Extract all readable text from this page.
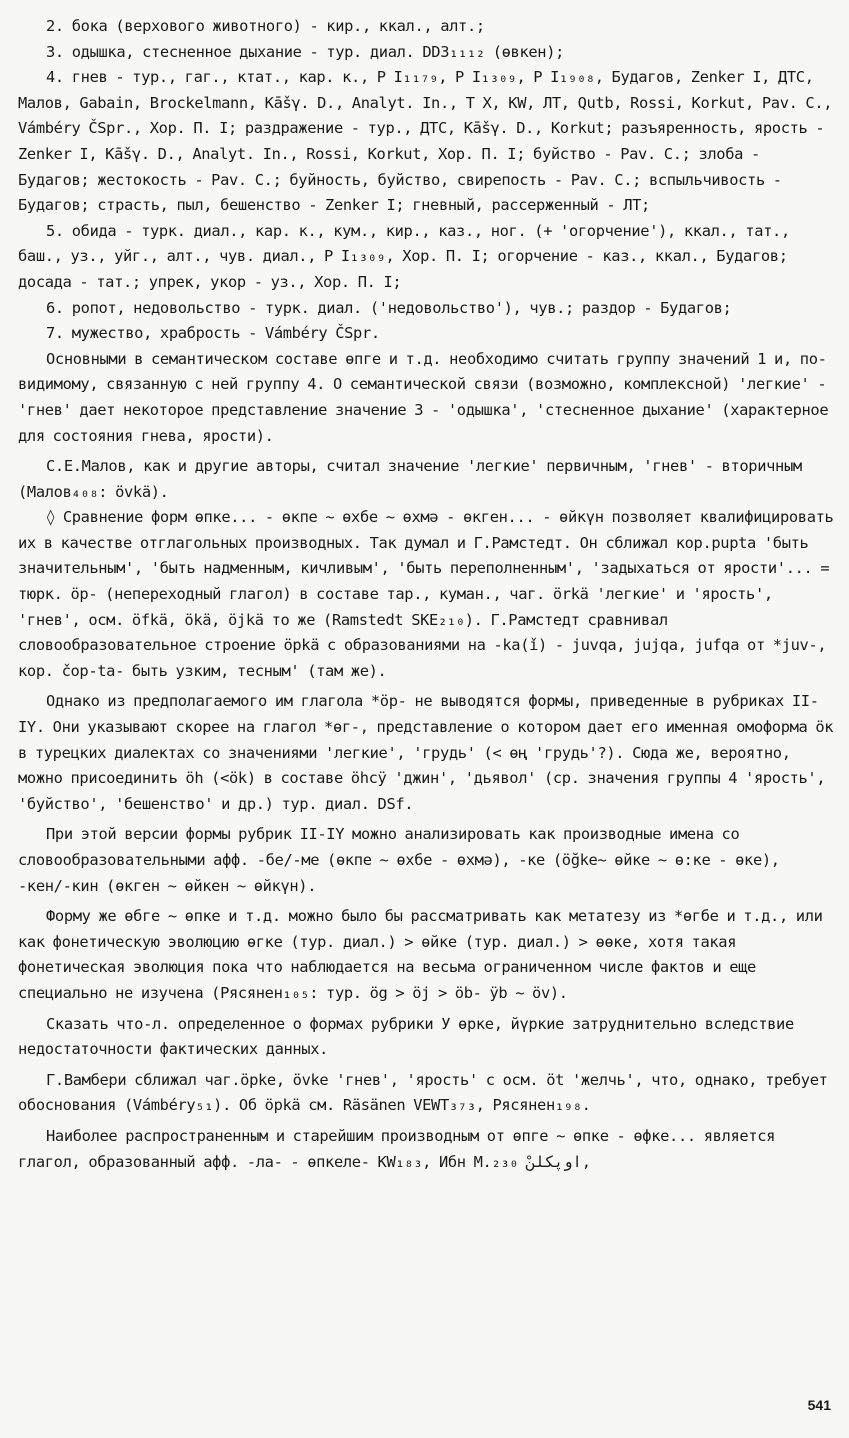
2. бока (верхового животного) - кир., ккал., алт.;

3. одышка, стесненное дыхание - тур. диал. DD3₁₁₁₂ (өвкен);

4. гнев - тур., гаг., ктат., кар. к., Р I₁₁₇₉, Р I₁₃₀₉, Р I₁₉₀₈, Будагов, Zenker I, ДТС, Малов, Gabain, Brockelmann, Kāšγ. D., Analyt. In., Т Х, KW, ЛТ, Qutb, Rossi, Korkut, Pav. C., Vámbéry ČSpr., Хор. П. I; раздражение - тур., ДТС, Kāšγ. D., Korkut; разъяренность, ярость - Zenker I, Kāšγ. D., Analyt. In., Rossi, Korkut, Хор. П. I; буйство - Pav. C.; злоба - Будагов; жестокость - Pav. C.; буйность, буйство, свирепость - Pav. C.; вспыльчивость - Будагов; страсть, пыл, бешенство - Zenker I; гневный, рассерженный - ЛТ;

5. обида - турк. диал., кар. к., кум., кир., каз., ног. (+ 'огорчение'), ккал., тат., баш., уз., уйг., алт., чув. диал., Р I₁₃₀₉, Хор. П. I; огорчение - каз., ккал., Будагов; досада - тат.; упрек, укор - уз., Хор. П. I;

6. ропот, недовольство - турк. диал. ('недовольство'), чув.; раздор - Будагов;

7. мужество, храбрость - Vámbéry ČSpr.

Основными в семантическом составе өпге и т.д. необходимо считать группу значений 1 и, по-видимому, связанную с ней группу 4. О семантической связи (возможно, комплексной) 'легкие' - 'гнев' дает некоторое представление значение 3 - 'одышка', 'стесненное дыхание' (характерное для состояния гнева, ярости).

С.Е.Малов, как и другие авторы, считал значение 'легкие' первичным, 'гнев' - вторичным (Малов₄₀₈: ӧvkä).

◊ Сравнение форм өпке... - өкпе ~ өхбе ~ өхмә - өкген... - өйкүн позволяет квалифицировать их в качестве отглагольных производных. Так думал и Г.Рамстедт. Он сближал кор.pupta 'быть значительным', 'быть надменным, кичливым', 'быть переполненным', 'задыхаться от ярости'... = тюрк. ӧр- (непереходный глагол) в составе тар., куман., чаг. ӧrkä 'легкие' и 'ярость', 'гнев', осм. ӧfkä, ӧkä, ӧjkä то же (Ramstedt SKE₂₁₀). Г.Рамстедт сравнивал словообразовательное строение ӧрkä с образованиями на -ka(ǐ) - juvqa, jujqa, jufqa от *juv-, кор. čop-ta- быть узким, тесным' (там же).

Однако из предполагаемого им глагола *ӧр- не выводятся формы, приведенные в рубриках II-IY. Они указывают скорее на глагол *өг-, представление о котором дает его именная омоформа ӧк в турецких диалектах со значениями 'легкие', 'грудь' (< өң 'грудь'?). Сюда же, вероятно, можно присоединить ӧһ (<ӧk) в составе ӧһсӱ 'джин', 'дьявол' (ср. значения группы 4 'ярость', 'буйство', 'бешенство' и др.) тур. диал. DSf.

При этой версии формы рубрик II-IY можно анализировать как производные имена со словообразовательными афф. -бе/-ме (өкпе ~ өхбе - өхмә), -ке (ӧğke~ өйке ~ ө:ке - өке), -кен/-кин (өкген ~ өйкен ~ өйкүн).

Форму же өбге ~ өпке и т.д. можно было бы рассматривать как метатезу из *өгбе и т.д., или как фонетическую эволюцию өгке (тур. диал.) > өйке (тур. диал.) > өөке, хотя такая фонетическая эволюция пока что наблюдается на весьма ограниченном числе фактов и еще специально не изучена (Рясянен₁₀₅: тур. ӧg > ӧj > ӧb- ӱb ~ ӧv).

Сказать что-л. определенное о формах рубрики У өрке, йүркие затруднительно вследствие недостаточности фактических данных.

Г.Вамбери сближал чаг.ӧpke, ӧvke 'гнев', 'ярость' с осм. ӧt 'желчь', что, однако, требует обоснования (Vámbéry₅₁). Об ӧрkä см. Räsänen VEWT₃₇₃, Рясянен₁₉₈.

Наиболее распространенным и старейшим производным от өпге ~ өпке - өфке... является глагол, образованный афф. -ла- - өпкеле- KW₁₈₃, Ибн М.₂₃₀ اوپكلنْ,

541
